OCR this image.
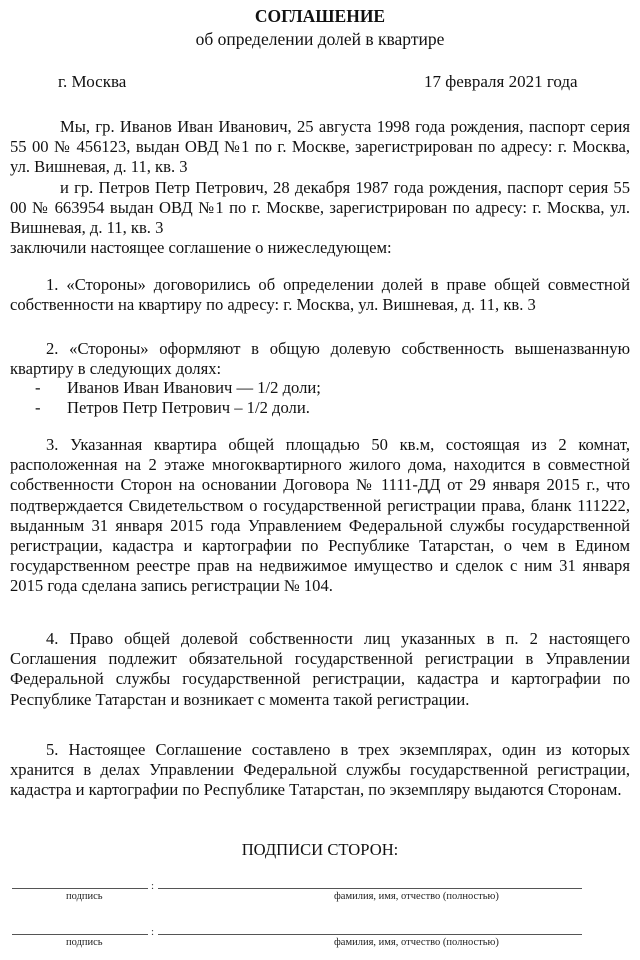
СОГЛАШЕНИЕ
об определении долей в квартире
г. Москва	17 февраля 2021 года

Мы, гр. Иванов Иван Иванович, 25 августа 1998 года рождения, паспорт серия 55 00 № 456123, выдан ОВД №1 по г. Москве, зарегистрирован по адресу: г. Москва, ул. Вишневая, д. 11, кв. 3

и гр. Петров Петр Петрович, 28 декабря 1987 года рождения, паспорт серия 55 00 № 663954 выдан ОВД №1 по г. Москве, зарегистрирован по адресу: г. Москва, ул. Вишневая, д. 11, кв. 3

заключили настоящее соглашение о нижеследующем:

1. «Стороны» договорились об определении долей в праве общей совместной собственности на квартиру по адресу: г. Москва, ул. Вишневая, д. 11, кв. 3

2. «Стороны» оформляют в общую долевую собственность вышеназванную квартиру в следующих долях:

- Иванов Иван Иванович — 1/2 доли;
- Петров Петр Петрович – 1/2 доли.

3. Указанная квартира общей площадью 50 кв.м, состоящая из 2 комнат, расположенная на 2 этаже многоквартирного жилого дома, находится в совместной собственности Сторон на основании Договора № 1111-ДД от 29 января 2015 г., что подтверждается Свидетельством о государственной регистрации права, бланк 111222, выданным 31 января 2015 года Управлением Федеральной службы государственной регистрации, кадастра и картографии по Республике Татарстан, о чем в Едином государственном реестре прав на недвижимое имущество и сделок с ним 31 января 2015 года сделана запись регистрации № 104.

4. Право общей долевой собственности лиц указанных в п. 2 настоящего Соглашения подлежит обязательной государственной регистрации в Управлении Федеральной службы государственной регистрации, кадастра и картографии по Республике Татарстан и возникает с момента такой регистрации.

5. Настоящее Соглашение составлено в трех экземплярах, один из которых хранится в делах Управлении Федеральной службы государственной регистрации, кадастра и картографии по Республике Татарстан, по экземпляру выдаются Сторонам.

ПОДПИСИ СТОРОН:
:
подпись	фамилия, имя, отчество (полностью)
:
подпись	фамилия, имя, отчество (полностью)
